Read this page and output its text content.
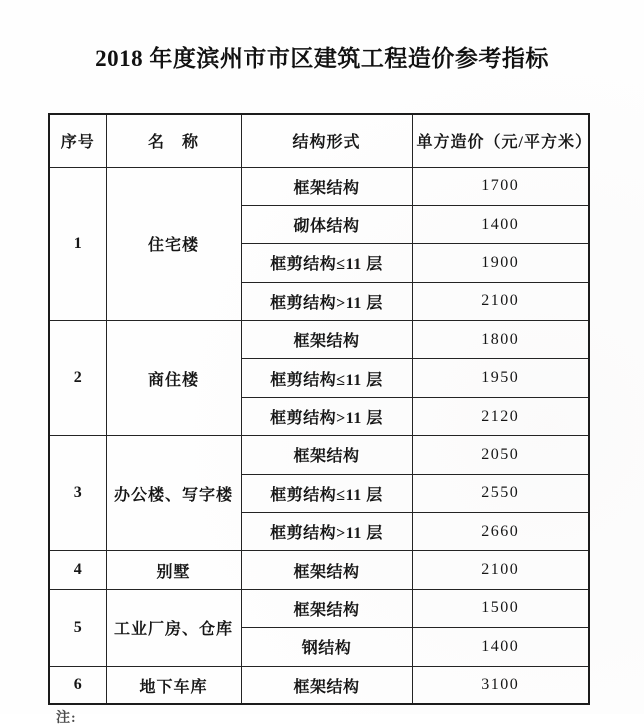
2018 年度滨州市市区建筑工程造价参考指标
序号	名　称	结构形式	单方造价（元/平方米）
1	住宅楼	框架结构	1700
		砌体结构	1400
		框剪结构≤11 层	1900
		框剪结构>11 层	2100
2	商住楼	框架结构	1800
		框剪结构≤11 层	1950
		框剪结构>11 层	2120
3	办公楼、写字楼	框架结构	2050
		框剪结构≤11 层	2550
		框剪结构>11 层	2660
4	别墅	框架结构	2100
5	工业厂房、仓库	框架结构	1500
		钢结构	1400
6	地下车库	框架结构	3100
注:
